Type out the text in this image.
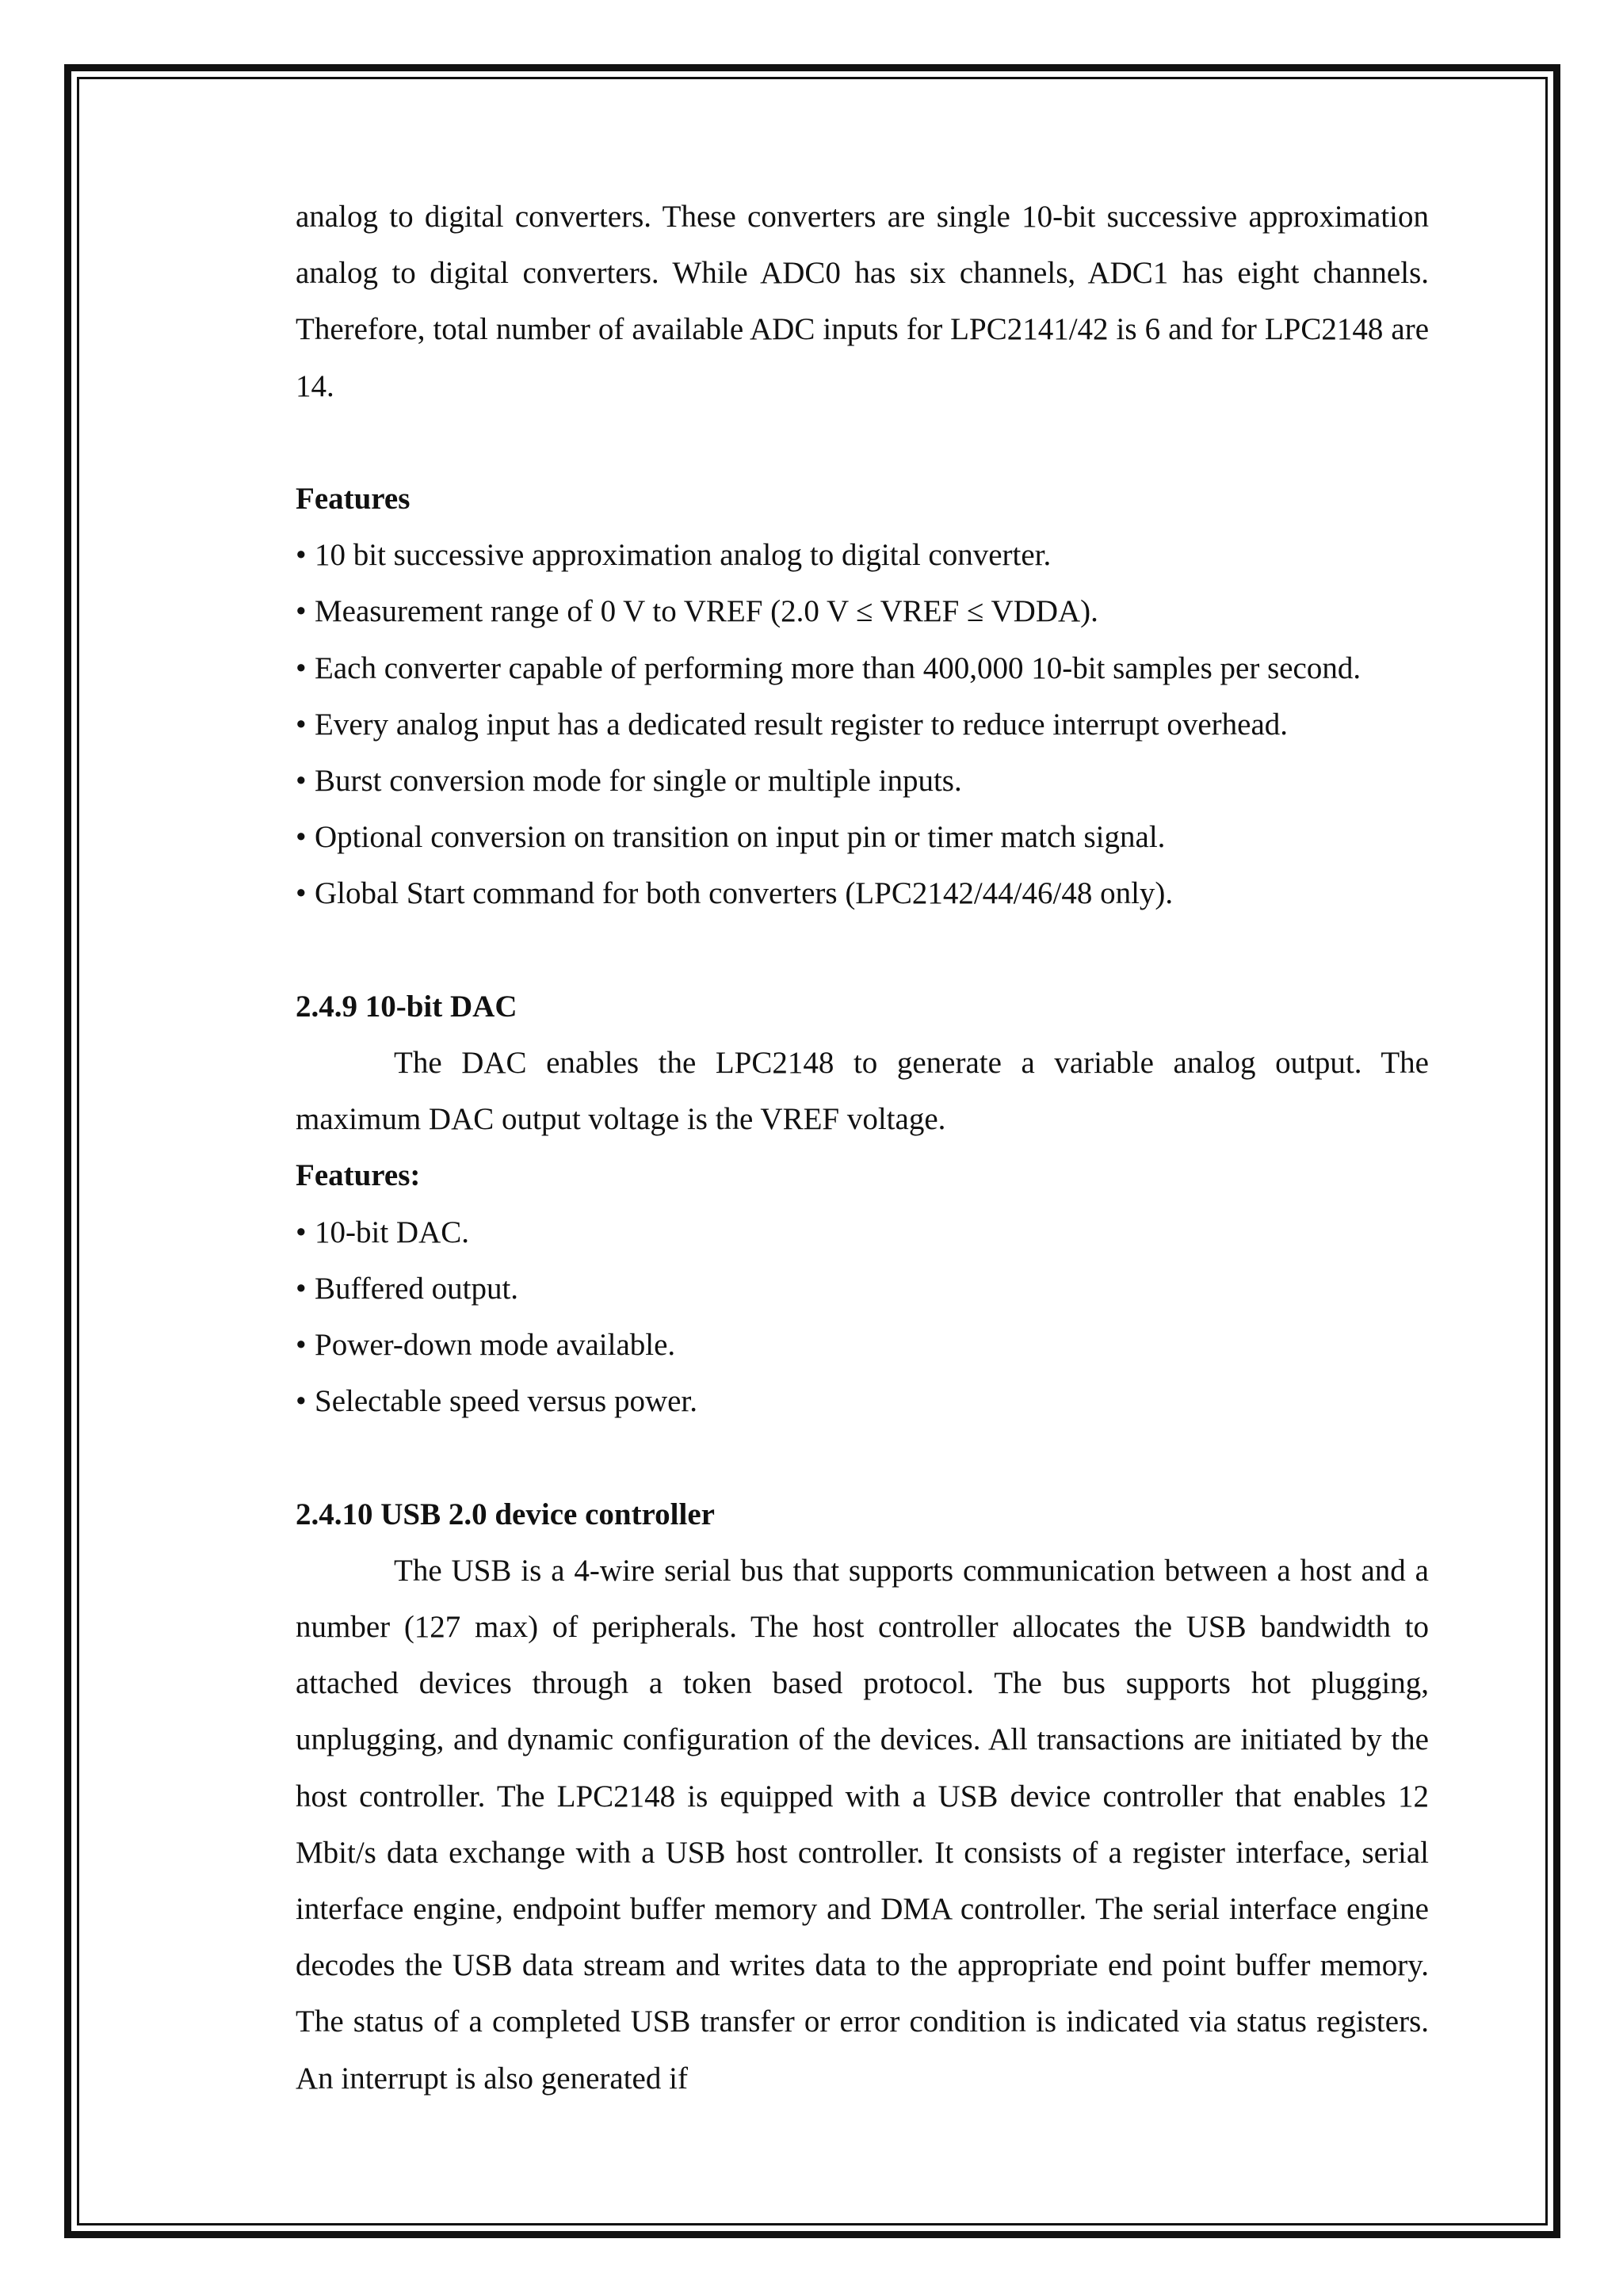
analog to digital converters. These converters are single 10-bit successive approximation analog to digital converters. While ADC0 has six channels, ADC1 has eight channels. Therefore, total number of available ADC inputs for LPC2141/42 is 6 and for LPC2148 are 14.

Features

• 10 bit successive approximation analog to digital converter.
• Measurement range of 0 V to VREF (2.0 V ≤ VREF ≤ VDDA).
• Each converter capable of performing more than 400,000 10-bit samples per second.
• Every analog input has a dedicated result register to reduce interrupt overhead.
• Burst conversion mode for single or multiple inputs.
• Optional conversion on transition on input pin or timer match signal.
• Global Start command for both converters (LPC2142/44/46/48 only).

2.4.9 10-bit DAC

The DAC enables the LPC2148 to generate a variable analog output. The maximum DAC output voltage is the VREF voltage.

Features:

• 10-bit DAC.
• Buffered output.
• Power-down mode available.
• Selectable speed versus power.

2.4.10 USB 2.0 device controller

The USB is a 4-wire serial bus that supports communication between a host and a number (127 max) of peripherals. The host controller allocates the USB bandwidth to attached devices through a token based protocol. The bus supports hot plugging, unplugging, and dynamic configuration of the devices. All transactions are initiated by the host controller. The LPC2148 is equipped with a USB device controller that enables 12 Mbit/s data exchange with a USB host controller. It consists of a register interface, serial interface engine, endpoint buffer memory and DMA controller. The serial interface engine decodes the USB data stream and writes data to the appropriate end point buffer memory. The status of a completed USB transfer or error condition is indicated via status registers. An interrupt is also generated if
